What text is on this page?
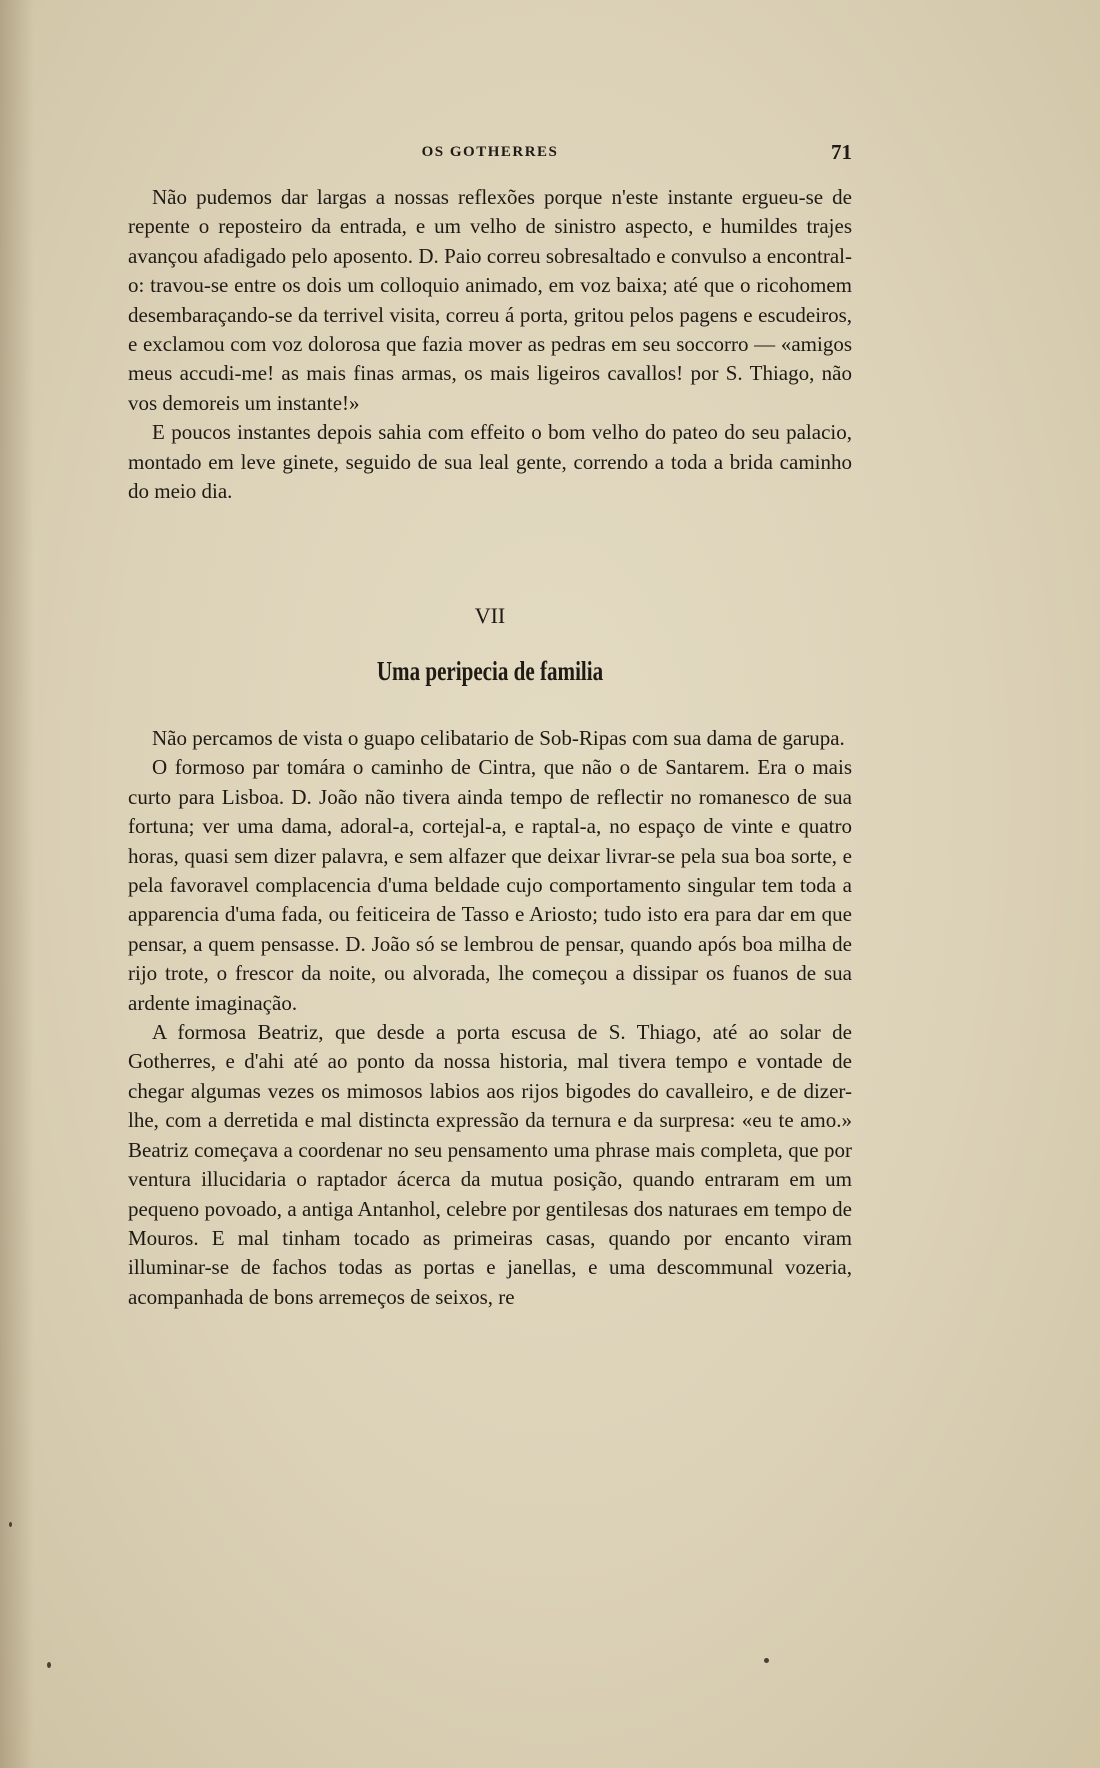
OS GOTHERRES	71

Não pudemos dar largas a nossas reflexões porque n'este instante ergueu-se de repente o reposteiro da entrada, e um velho de sinistro aspecto, e humildes trajes avançou afadigado pelo aposento. D. Paio correu sobresaltado e convulso a encontral-o: travou-se entre os dois um colloquio animado, em voz baixa; até que o ricohomem desembaraçando-se da terrivel visita, correu á porta, gritou pelos pagens e escudeiros, e exclamou com voz dolorosa que fazia mover as pedras em seu soccorro — «amigos meus accudi-me! as mais finas armas, os mais ligeiros cavallos! por S. Thiago, não vos demoreis um instante!»

E poucos instantes depois sahia com effeito o bom velho do pateo do seu palacio, montado em leve ginete, seguido de sua leal gente, correndo a toda a brida caminho do meio dia.

VII
Uma peripecia de familia

Não percamos de vista o guapo celibatario de Sob-Ripas com sua dama de garupa.

O formoso par tomára o caminho de Cintra, que não o de Santarem. Era o mais curto para Lisboa. D. João não tivera ainda tempo de reflectir no romanesco de sua fortuna; ver uma dama, adoral-a, cortejal-a, e raptal-a, no espaço de vinte e quatro horas, quasi sem dizer palavra, e sem alfazer que deixar livrar-se pela sua boa sorte, e pela favoravel complacencia d'uma beldade cujo comportamento singular tem toda a apparencia d'uma fada, ou feiticeira de Tasso e Ariosto; tudo isto era para dar em que pensar, a quem pensasse. D. João só se lembrou de pensar, quando após boa milha de rijo trote, o frescor da noite, ou alvorada, lhe começou a dissipar os fuanos de sua ardente imaginação.

A formosa Beatriz, que desde a porta escusa de S. Thiago, até ao solar de Gotherres, e d'ahi até ao ponto da nossa historia, mal tivera tempo e vontade de chegar algumas vezes os mimosos labios aos rijos bigodes do cavalleiro, e de dizer-lhe, com a derretida e mal distincta expressão da ternura e da surpresa: «eu te amo.» Beatriz começava a coordenar no seu pensamento uma phrase mais completa, que por ventura illucidaria o raptador ácerca da mutua posição, quando entraram em um pequeno povoado, a antiga Antanhol, celebre por gentilesas dos naturaes em tempo de Mouros. E mal tinham tocado as primeiras casas, quando por encanto viram illuminar-se de fachos todas as portas e janellas, e uma descommunal vozeria, acompanhada de bons arremeços de seixos, re
